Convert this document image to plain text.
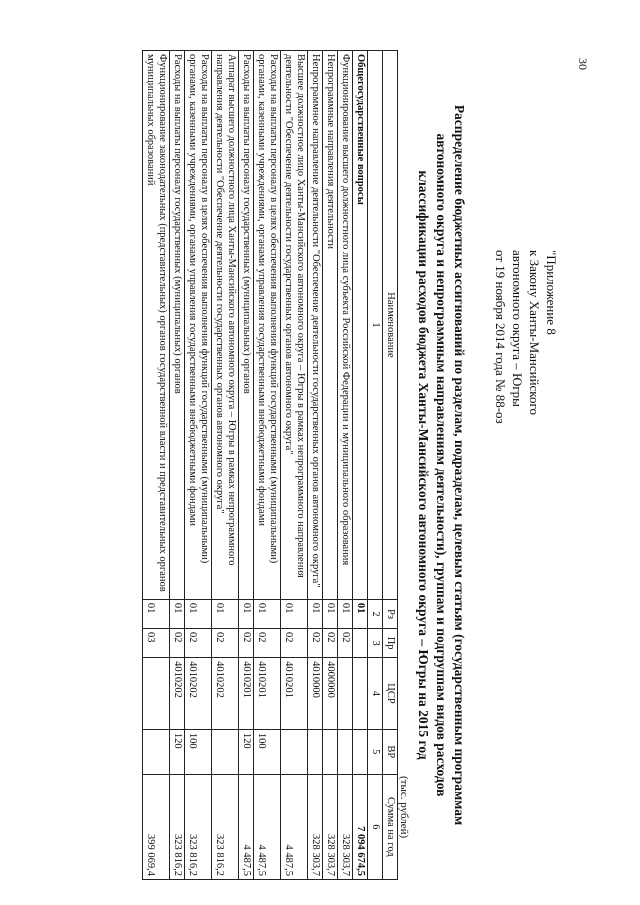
30
"Приложение 8
к Закону Ханты-Мансийского
автономного округа – Югры
от 19 ноября 2014 года № 88-оз
Распределение бюджетных ассигнований по разделам, подразделам, целевым статьям (государственным программам
автономного округа и непрограммным направлениям деятельности), группам и подгруппам видов расходов
классификации расходов бюджета Ханты-Мансийского автономного округа – Югры на 2015 год
(тыс. рублей)
Наименование	Рз	Пр	ЦСР	ВР	Сумма на год
1	2	3	4	5	6
Общегосударственные вопросы	01				7 094 674,5
Функционирование высшего должностного лица субъекта Российской Федерации и муниципального образования	01	02			328 303,7
Непрограммные направления деятельности	01	02	4000000		328 303,7
Непрограммное направление деятельности "Обеспечение деятельности государственных органов автономного округа"	01	02	4010000		328 303,7
Высшее должностное лицо Ханты-Мансийского автономного округа – Югры в рамках непрограммного направления деятельности "Обеспечение деятельности государственных органов автономного округа"	01	02	4010201		4 487,5
Расходы на выплаты персоналу в целях обеспечения выполнения функций государственными (муниципальными) органами, казенными учреждениями, органами управления государственными внебюджетными фондами	01	02	4010201	100	4 487,5
Расходы на выплаты персоналу государственных (муниципальных) органов	01	02	4010201	120	4 487,5
Аппарат высшего должностного лица Ханты-Мансийского автономного округа – Югры в рамках непрограммного направления деятельности "Обеспечение деятельности государственных органов автономного округа"	01	02	4010202		323 816,2
Расходы на выплаты персоналу в целях обеспечения выполнения функций государственными (муниципальными) органами, казенными учреждениями, органами управления государственными внебюджетными фондами	01	02	4010202	100	323 816,2
Расходы на выплаты персоналу государственных (муниципальных) органов	01	02	4010202	120	323 816,2
Функционирование законодательных (представительных) органов государственной власти и представительных органов муниципальных образований	01	03			399 069,4
